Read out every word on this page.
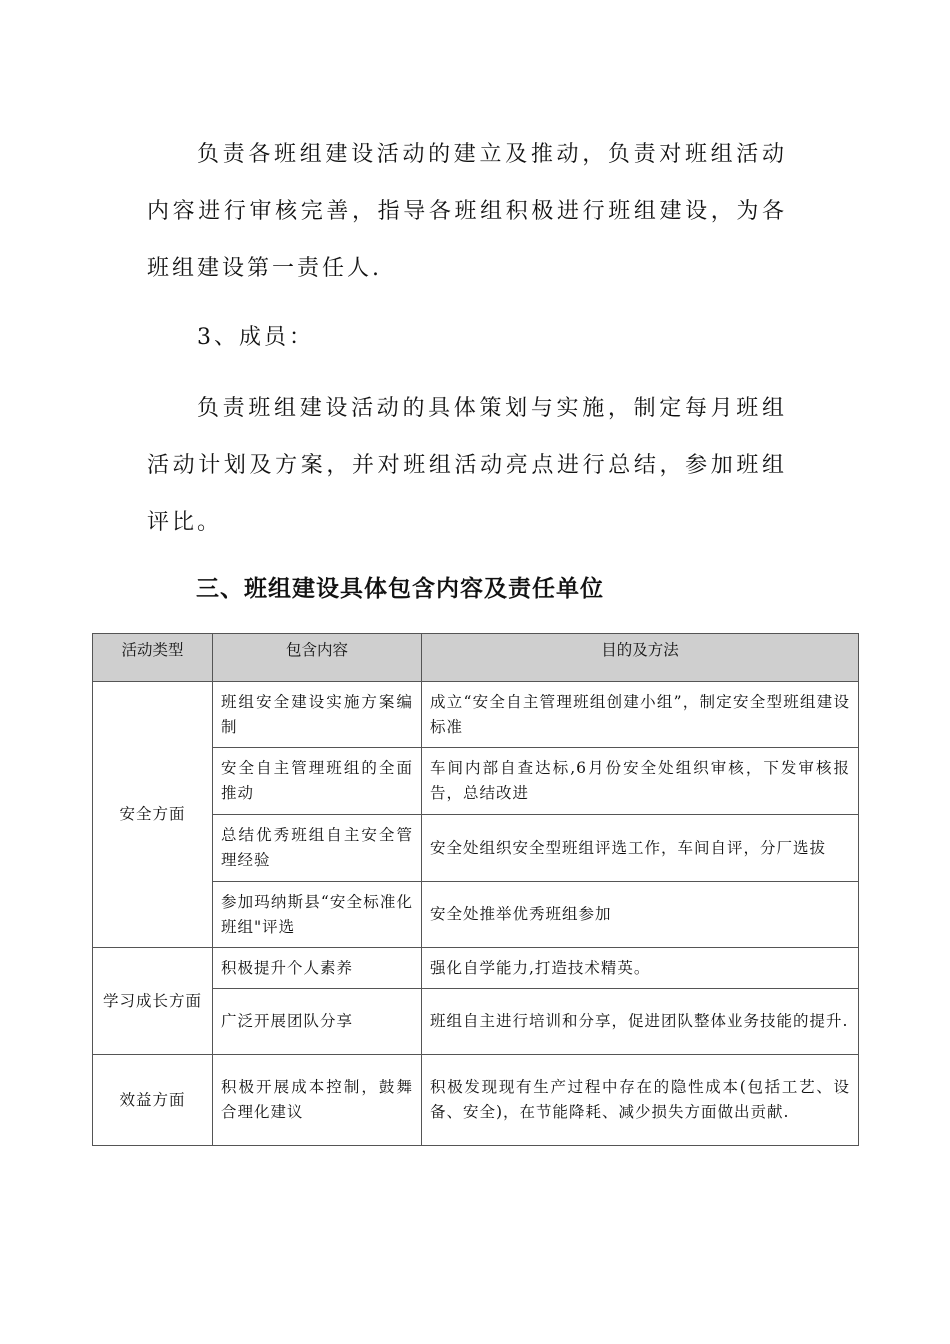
负责各班组建设活动的建立及推动，负责对班组活动内容进行审核完善，指导各班组积极进行班组建设，为各班组建设第一责任人.

3、成员：

负责班组建设活动的具体策划与实施，制定每月班组活动计划及方案，并对班组活动亮点进行总结，参加班组评比。

三、班组建设具体包含内容及责任单位
活动类型	包含内容	目的及方法
安全方面	班组安全建设实施方案编制	成立“安全自主管理班组创建小组”，制定安全型班组建设标准
	安全自主管理班组的全面推动	车间内部自查达标,6月份安全处组织审核，下发审核报告，总结改进
	总结优秀班组自主安全管理经验	安全处组织安全型班组评选工作，车间自评，分厂选拔
	参加玛纳斯县“安全标准化班组"评选	安全处推举优秀班组参加
学习成长方面	积极提升个人素养	强化自学能力,打造技术精英。
	广泛开展团队分享	班组自主进行培训和分享，促进团队整体业务技能的提升.
效益方面	积极开展成本控制，鼓舞合理化建议	积极发现现有生产过程中存在的隐性成本(包括工艺、设备、安全)，在节能降耗、减少损失方面做出贡献.
